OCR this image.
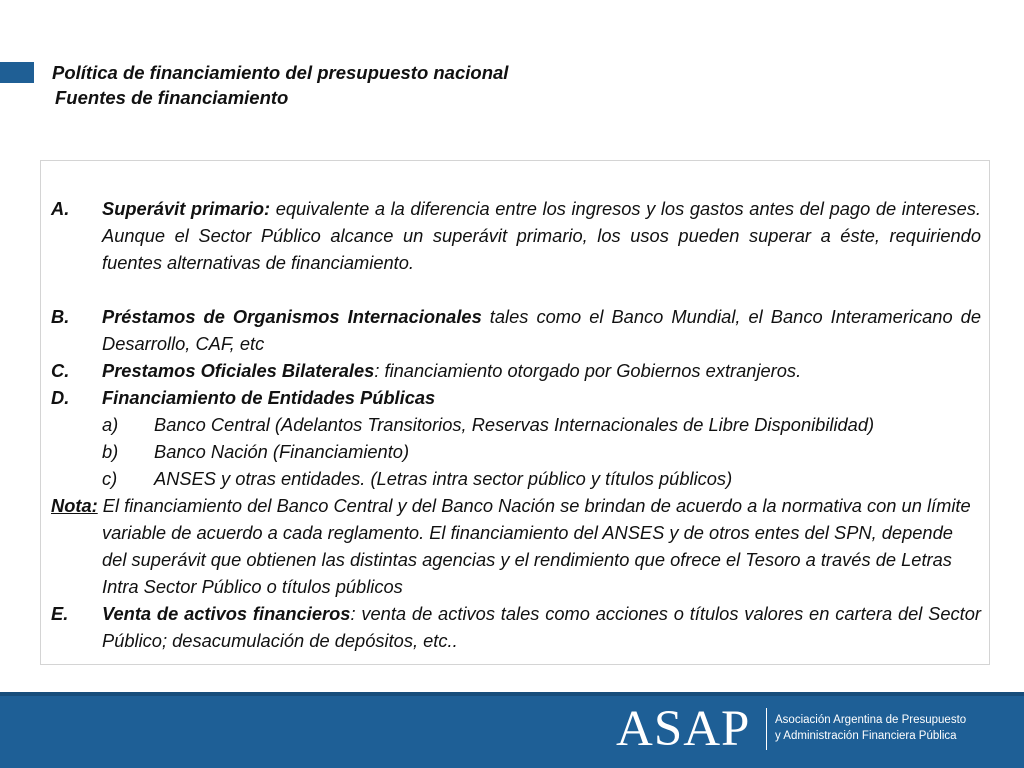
Política de financiamiento del presupuesto nacional
Fuentes de financiamiento
A. Superávit primario: equivalente a la diferencia entre los ingresos y los gastos antes del pago de intereses. Aunque el Sector Público alcance un superávit primario, los usos pueden superar a éste, requiriendo fuentes alternativas de financiamiento.
B. Préstamos de Organismos Internacionales tales como el Banco Mundial, el Banco Interamericano de Desarrollo, CAF, etc
C. Prestamos Oficiales Bilaterales: financiamiento otorgado por Gobiernos extranjeros.
D. Financiamiento de Entidades Públicas
a) Banco Central (Adelantos Transitorios, Reservas Internacionales de Libre Disponibilidad)
b) Banco Nación (Financiamiento)
c) ANSES y otras entidades. (Letras intra sector público y títulos públicos)
Nota: El financiamiento del Banco Central y del Banco Nación se brindan de acuerdo a la normativa con un límite variable de acuerdo a cada reglamento. El financiamiento del ANSES y de otros entes del SPN, depende del superávit que obtienen las distintas agencias y el rendimiento que ofrece el Tesoro a través de Letras Intra Sector Público o títulos públicos
E. Venta de activos financieros: venta de activos tales como acciones o títulos valores en cartera del Sector Público; desacumulación de depósitos, etc..
ASAP Asociación Argentina de Presupuesto
y Administración Financiera Pública
